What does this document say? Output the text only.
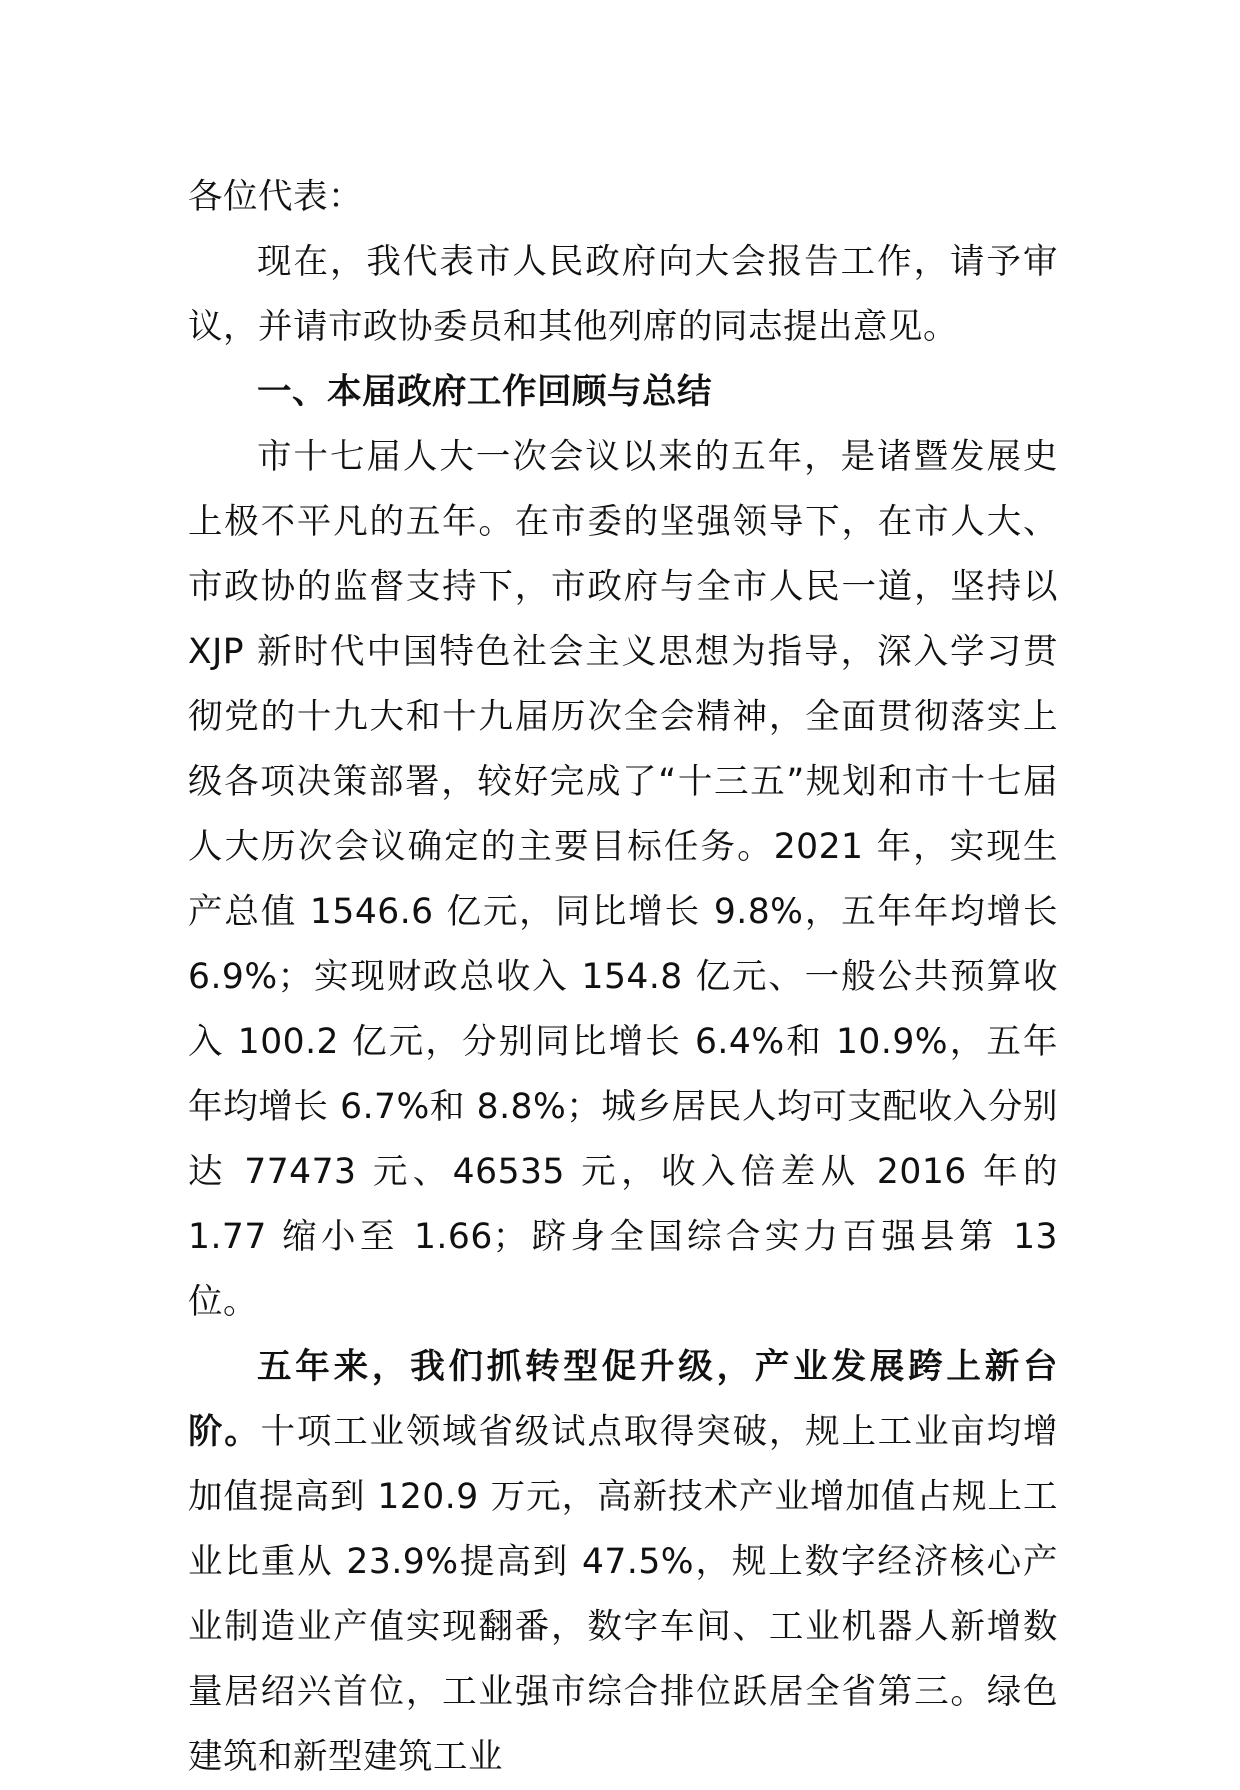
各位代表：

现在，我代表市人民政府向大会报告工作，请予审议，并请市政协委员和其他列席的同志提出意见。

一、本届政府工作回顾与总结

市十七届人大一次会议以来的五年，是诸暨发展史上极不平凡的五年。在市委的坚强领导下，在市人大、市政协的监督支持下，市政府与全市人民一道，坚持以 XJP 新时代中国特色社会主义思想为指导，深入学习贯彻党的十九大和十九届历次全会精神，全面贯彻落实上级各项决策部署，较好完成了“十三五”规划和市十七届人大历次会议确定的主要目标任务。2021 年，实现生产总值 1546.6 亿元，同比增长 9.8%，五年年均增长 6.9%；实现财政总收入 154.8 亿元、一般公共预算收入 100.2 亿元，分别同比增长 6.4%和 10.9%，五年年均增长 6.7%和 8.8%；城乡居民人均可支配收入分别达 77473 元、46535 元，收入倍差从 2016 年的 1.77 缩小至 1.66；跻身全国综合实力百强县第 13 位。

五年来，我们抓转型促升级，产业发展跨上新台阶。十项工业领域省级试点取得突破，规上工业亩均增加值提高到 120.9 万元，高新技术产业增加值占规上工业比重从 23.9%提高到 47.5%，规上数字经济核心产业制造业产值实现翻番，数字车间、工业机器人新增数量居绍兴首位，工业强市综合排位跃居全省第三。绿色建筑和新型建筑工业
